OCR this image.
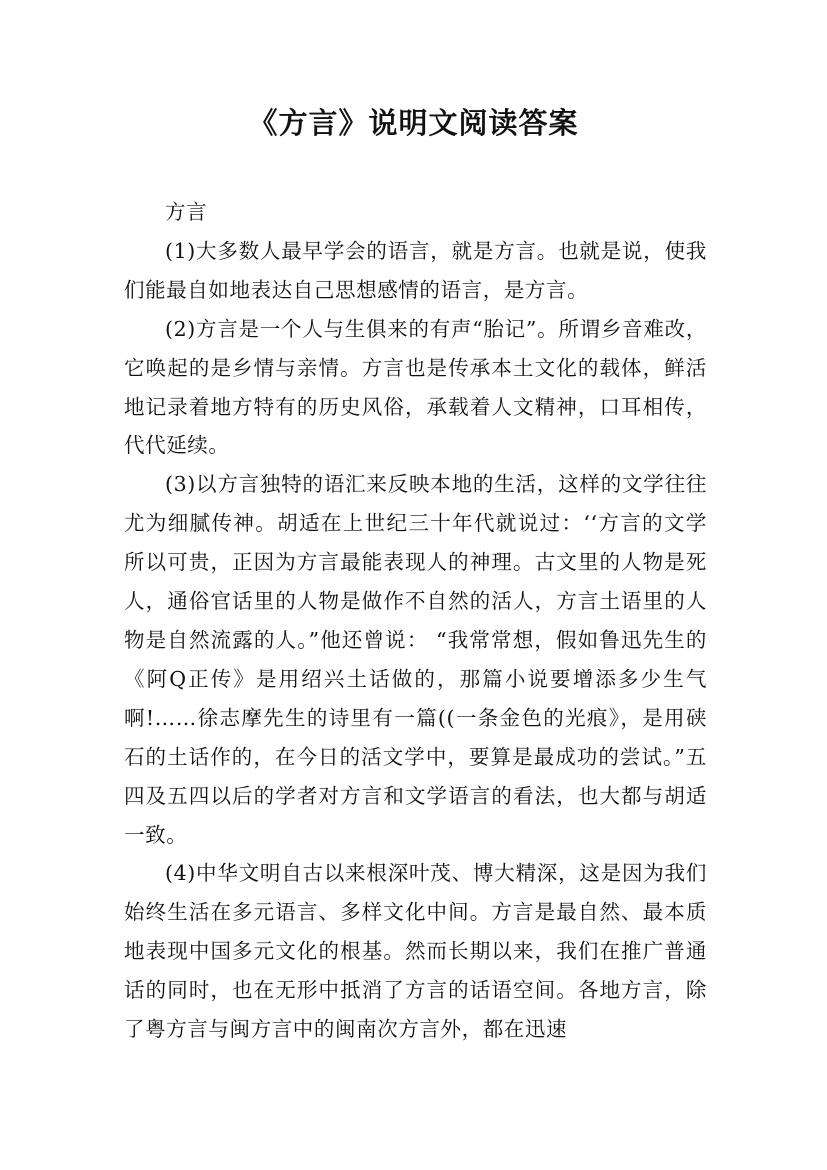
《方言》说明文阅读答案

方言

(1)大多数人最早学会的语言，就是方言。也就是说，使我们能最自如地表达自己思想感情的语言，是方言。

(2)方言是一个人与生俱来的有声“胎记”。所谓乡音难改，它唤起的是乡情与亲情。方言也是传承本土文化的载体，鲜活地记录着地方特有的历史风俗，承载着人文精神，口耳相传，代代延续。

(3)以方言独特的语汇来反映本地的生活，这样的文学往往尤为细腻传神。胡适在上世纪三十年代就说过：‘‘方言的文学所以可贵，正因为方言最能表现人的神理。古文里的人物是死人，通俗官话里的人物是做作不自然的活人，方言土语里的人物是自然流露的人。”他还曾说： “我常常想，假如鲁迅先生的《阿Q正传》是用绍兴土话做的，那篇小说要增添多少生气啊!……徐志摩先生的诗里有一篇((一条金色的光痕》，是用硖石的土话作的，在今日的活文学中，要算是最成功的尝试。”五四及五四以后的学者对方言和文学语言的看法，也大都与胡适一致。

(4)中华文明自古以来根深叶茂、博大精深，这是因为我们始终生活在多元语言、多样文化中间。方言是最自然、最本质地表现中国多元文化的根基。然而长期以来，我们在推广普通话的同时，也在无形中抵消了方言的话语空间。各地方言，除了粤方言与闽方言中的闽南次方言外，都在迅速
